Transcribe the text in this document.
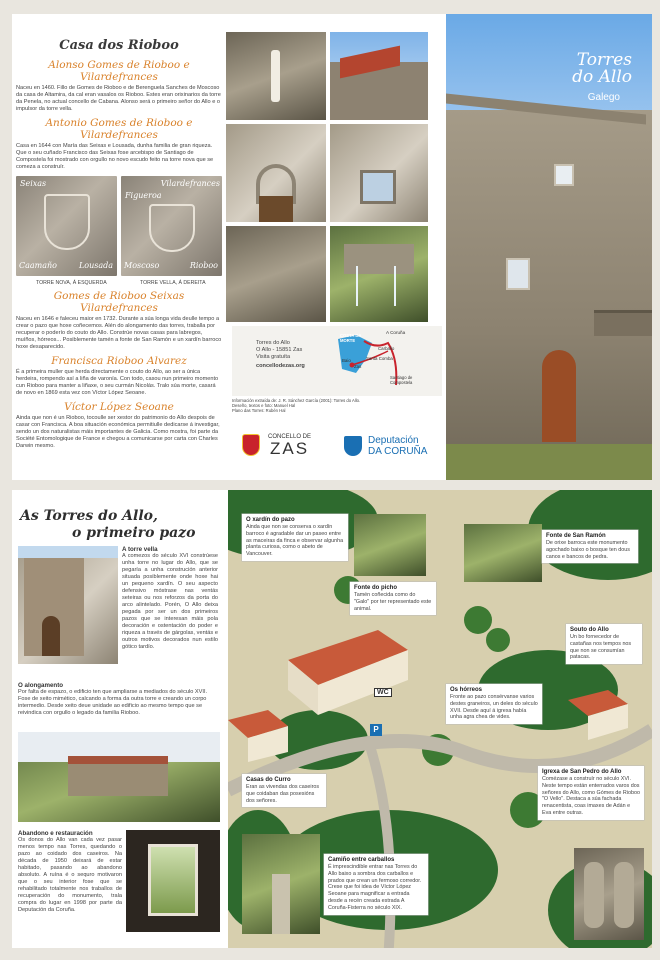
Casa dos Rioboo
Alonso Gomes de Rioboo e Vilardefrances

Naceu en 1460. Fillo de Gomes de Rioboo e de Berenguela Sanches de Moscoso da casa de Altamira, da cal eran vasalos os Rioboo. Estes eran orixinarios da torre da Penela, no actual concello de Cabana. Alonso será o primeiro señor do Allo e o impulsor da torre vella.

Antonio Gomes de Rioboo e Vilardefrances

Casa en 1644 con María das Seixas e Lousada, dunha familia de gran riqueza. Que o seu cuñado Francisco das Seixas fose arcebispo de Santiago de Compostela foi mostrado con orgullo no novo escudo feito na torre nova que se comeza a construír.

Seixas
Caamaño	Lousada
Vilardefrances
Figueroa
Moscoso	Rioboo
TORRE NOVA, Á ESQUERDA	TORRE VELLA, Á DEREITA
Gomes de Rioboo Seixas Vilardefrances

Naceu en 1646 e faleceu maior en 1732. Durante a súa longa vida deulle tempo a crear o pazo que hoxe coñecemos. Alén do alongamento das torres, traballa por recuperar o poderío do couto do Allo. Constrúe novas casas para labregos, muíños, hórreos... Posiblemente tamén a fonte de San Ramón e un xardín barroco hoxe desaparecido.

Francisca Rioboo Alvarez

É a primeira muller que herda directamente o couto do Allo, ao ser a única herdeira, rompendo así a liña de varonía. Con todo, casou nun primeiro momento cun Rioboo para manter a liñaxe, o seu curmán Nicolás. Tralo súa morte, casará de novo en 1869 esta vez con Víctor López Seoane.

Víctor López Seoane

Ainda que non é un Rioboo, tocoulle ser xestor do patrimonio do Allo despois de casar con Francisca. A boa situación económica permitiulle dedicarse á investigar, sendo un dos naturalistas máis importantes de Galicia. Como mostra, foi parte da Société Entomologique de France e chegou a comunicarse por carta con Charles Darwin mesmo.

Torres do Allo
O Allo - 15851 Zas
Visita gratuíta
concellodezas.org
A Coruña
COSTA DA MORTE
Carballo
Baio
Zas
Santa Comba
Santiago de Compostela
Información extraída de: J. R. Sánchez García (2001): Torres do Allo.
Deseño, textos e foto: Manuel Hal
Plano das Torres: Rubén Hal
CONCELLO DE
ZAS	Deputación
DA CORUÑA
Torres
do Allo
Galego
As Torres do Allo,
o primeiro pazo
A torre vella

A comezos do século XVI constrúese unha torre no lugar do Allo, que se pegaría a unha construción anterior situada posiblemente onde hoxe hai un pequeno xardín. O seu aspecto defensivo móstrase nas ventás seteiras ou nos reforzos da porta do arco alintelado. Porén, O Allo deixa pegada por ser un dos primeiros pazos que se interesan máis pola decoración e ostentación do poder e riqueza a través de gárgolas, ventás e outros motivos decorados nun estilo gótico tardío.

O alongamento

Por falta de espazo, o edificio ten que ampliarse a mediados do século XVII. Fose de xeito mimético, calcando a forma da outra torre e creando un corpo intermedio. Desde xeito deue unidade ao edificio ao mesmo tempo que se reivindica con orgullo o legado da familia Rioboo.

Abandono e restauración

Os donos do Allo van cada vez pasar menos tempo nas Torres, quedando o pazo ao coidado dos caseiros. Na década de 1950 deixará de estar habitado, pasando ao abandono absoluto. A ruína é o sequro motivaron que o seu interior fose que se rehabilitado totalmente nos traballos de recuperación do monumento, trala compra do lugar en 1998 por parte da Deputación da Coruña.

WC
P
O xardín do pazo
Ainda que non se conserva o xardín barroco é agradable dar un paseo entre as maceiras da finca e observar algunha planta curiosa, como o abeto de Vancouver.
Fonte de San Ramón
De orixe barroca este monumento agochado baixo o bosque ten dous canos e bancos de pedra.
Fonte do picho
Tamén coñecida como do "Galo" por ter representado este animal.
Souto do Allo
Un bo fornecedor de castañas nos tempos nos que non se consumían patacas.
Os hórreos
Fronte ao pazo consérvanse varios destes graneiros, un deles do século XVII. Desde aquí á igrexa había unha agra chea de vides.
Casas do Curro
Eran as vivendas dos caseiros que coidaban das posesións dos señores.
Igrexa de San Pedro do Allo
Comézase a construír no século XVI. Neste tempo están enterrados varos dos señores do Allo, como Gómes de Rioboo "O Vello". Destaca a súa fachada renacentista, coas imaxes de Adán e Eva entre outras.
Camiño entre carballos
É imprescindible entrar nas Torres do Allo baixo a sombra dos carballos e prados que crean un fermoso corredor. Crese que foi idea de Víctor López Seoane para magnificar a entrada desde a recén creada estrada A Coruña-Fisterra no século XIX.
